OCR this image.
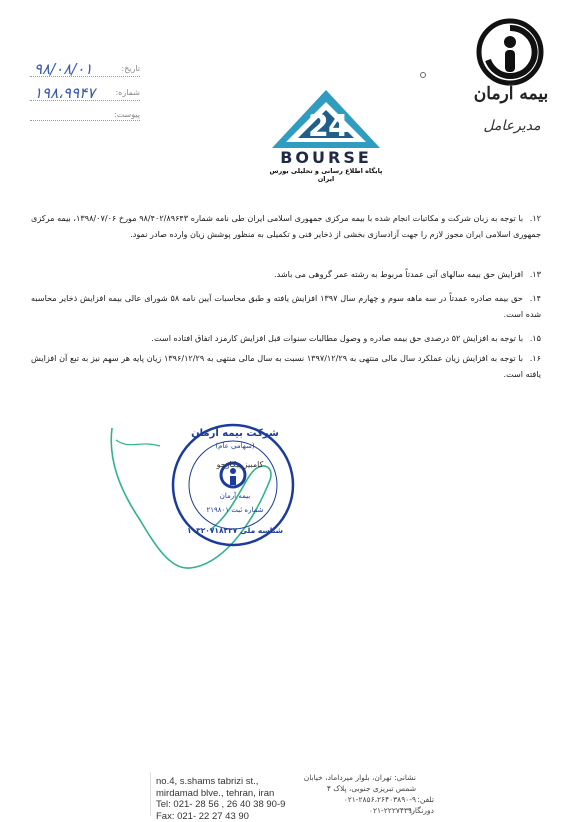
بیمه آرمان
مدیرعامل
تاریخ:
۹۸/۰۸/۰۱
شماره:
۱۹۸،۹۹۴۷
پیوست:	2 4
BOURSE
پایگاه اطلاع رسانی و تحلیلی بورس ایران
۱۲. با توجه به زبان شرکت و مکاتبات انجام شده با بیمه مرکزی جمهوری اسلامی ایران طی نامه شماره ۹۸/۴۰۲/۸۹۶۴۳ مورخ ۱۳۹۸/۰۷/۰۶، بیمه مرکزی جمهوری اسلامی ایران مجوز لازم را جهت آزادسازی بخشی از ذخایر فنی و تکمیلی به منظور پوشش زیان وارده صادر نمود.
۱۳. افزایش حق بیمه سالهای آتی عمدتاً مربوط به رشته عمر گروهی می باشد.
۱۴. حق بیمه صادره عمدتاً در سه ماهه سوم و چهارم سال ۱۳۹۷ افزایش یافته و طبق محاسبات آیین نامه ۵۸ شورای عالی بیمه افزایش ذخایر محاسبه شده است.
۱۵. با توجه به افزایش ۵۲ درصدی حق بیمه صادره و وصول مطالبات سنوات قبل افزایش کارمزد اتفاق افتاده است.
۱۶. با توجه به افزایش زیان عملکرد سال مالی منتهی به ۱۳۹۷/۱۲/۲۹ نسبت به سال مالی منتهی به ۱۳۹۶/۱۲/۲۹ زیان پایه هر سهم نیز به تبع آن افزایش یافته است.
شرکت بیمه آرمان
(سهامی عام)
بیمه آرمان
شماره ثبت ۲۱۹۸۰۱
شناسه ملی ۱۰۳۲۰۷۱۸۲۲۷
کامبیز پیکارجو
no.4, s.shams tabrizi st.,
mirdamad blve., tehran, iran
Tel: 021- 28 56 , 26 40 38 90-9
Fax: 021- 22 27 43 90
نشانی: تهران، بلوار میرداماد، خیابان
شمس تبریزی جنوبی، پلاک ۴
۰۲۱-۲۸۵۶،۲۶۴۰۳۸۹۰-۹
۰۲۱-۲۲۲۷۴۳۹۰
تلفن:
دورنگار:
